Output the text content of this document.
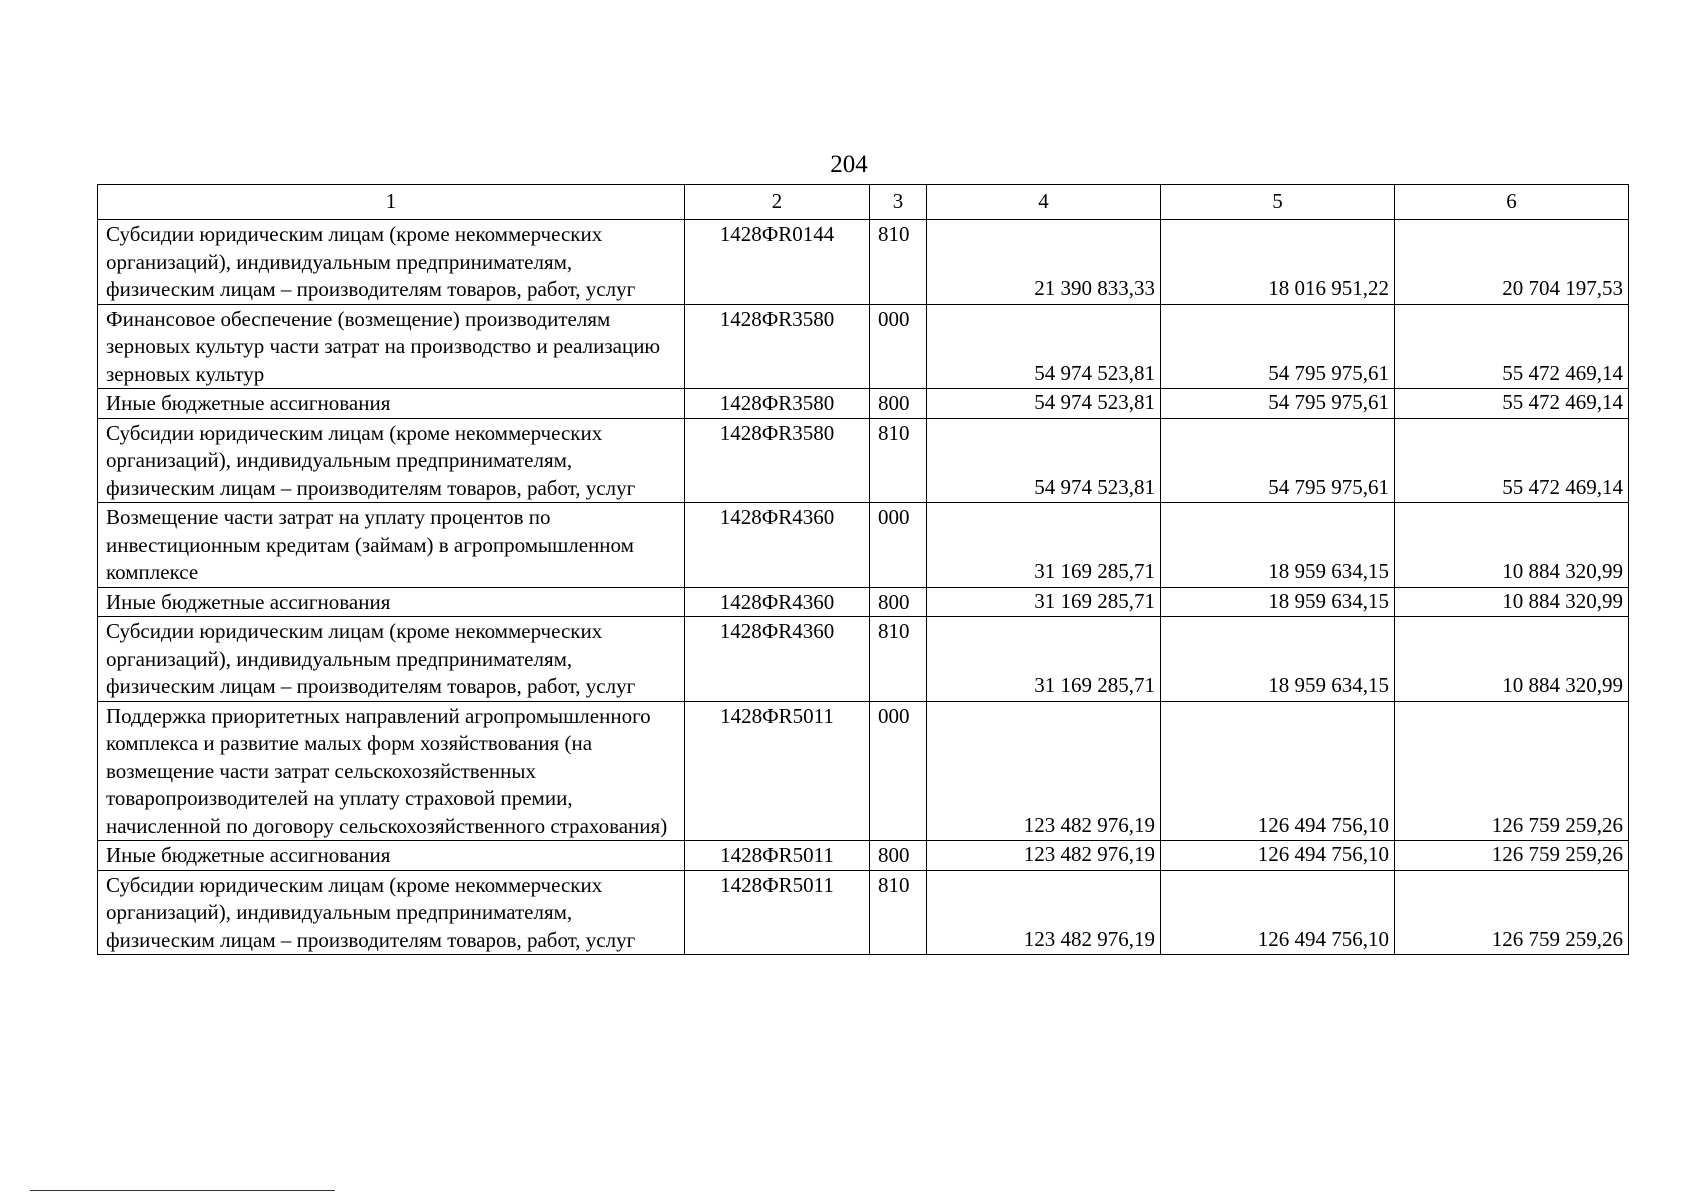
204
1	2	3	4	5	6
Субсидии юридическим лицам (кроме некоммерческих организаций), индивидуальным предпринимателям, физическим лицам – производителям товаров, работ, услуг	1428ФR0144	810	21 390 833,33	18 016 951,22	20 704 197,53
Финансовое обеспечение (возмещение) производителям зерновых культур части затрат на производство и реализацию зерновых культур	1428ФR3580	000	54 974 523,81	54 795 975,61	55 472 469,14
Иные бюджетные ассигнования	1428ФR3580	800	54 974 523,81	54 795 975,61	55 472 469,14
Субсидии юридическим лицам (кроме некоммерческих организаций), индивидуальным предпринимателям, физическим лицам – производителям товаров, работ, услуг	1428ФR3580	810	54 974 523,81	54 795 975,61	55 472 469,14
Возмещение части затрат на уплату процентов по инвестиционным кредитам (займам) в агропромышленном комплексе	1428ФR4360	000	31 169 285,71	18 959 634,15	10 884 320,99
Иные бюджетные ассигнования	1428ФR4360	800	31 169 285,71	18 959 634,15	10 884 320,99
Субсидии юридическим лицам (кроме некоммерческих организаций), индивидуальным предпринимателям, физическим лицам – производителям товаров, работ, услуг	1428ФR4360	810	31 169 285,71	18 959 634,15	10 884 320,99
Поддержка приоритетных направлений агропромышленного комплекса и развитие малых форм хозяйствования (на возмещение части затрат сельскохозяйственных товаропроизводителей на уплату страховой премии, начисленной по договору сельскохозяйственного страхования)	1428ФR5011	000	123 482 976,19	126 494 756,10	126 759 259,26
Иные бюджетные ассигнования	1428ФR5011	800	123 482 976,19	126 494 756,10	126 759 259,26
Субсидии юридическим лицам (кроме некоммерческих организаций), индивидуальным предпринимателям, физическим лицам – производителям товаров, работ, услуг	1428ФR5011	810	123 482 976,19	126 494 756,10	126 759 259,26
